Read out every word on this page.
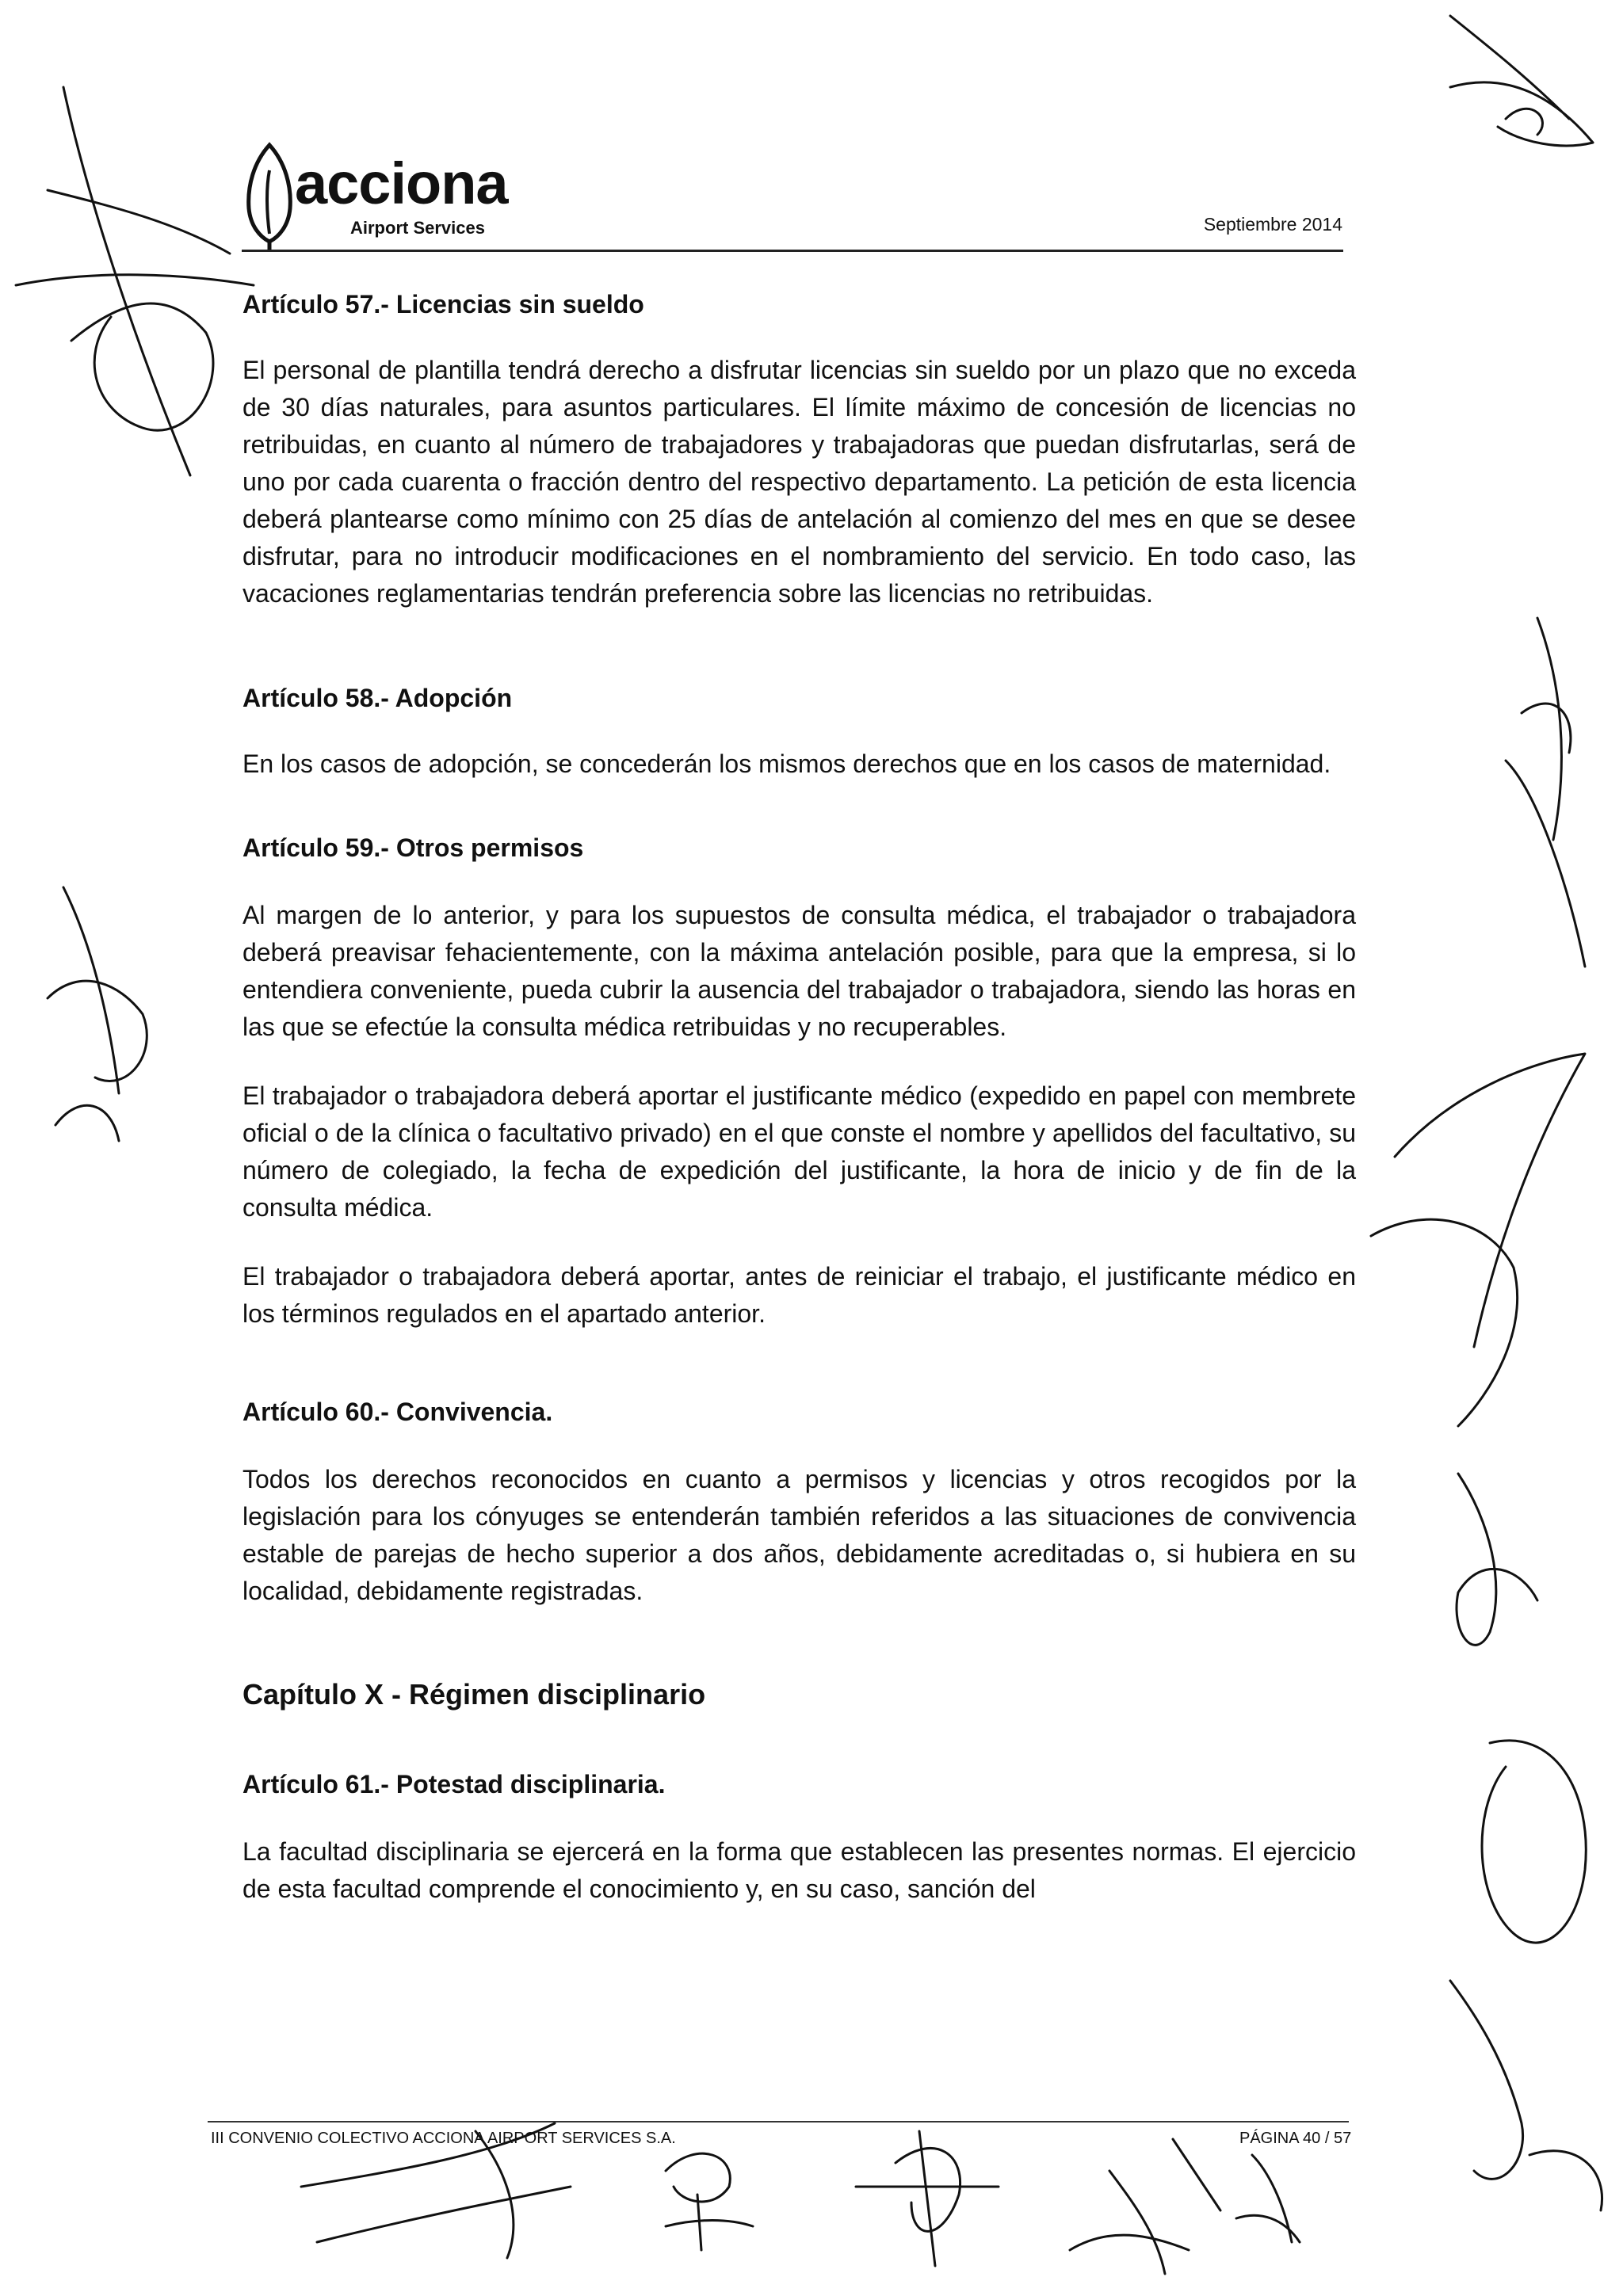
acciona
Airport Services	Septiembre 2014
Artículo 57.- Licencias sin sueldo

El personal de plantilla tendrá derecho a disfrutar licencias sin sueldo por un plazo que no exceda de 30 días naturales, para asuntos particulares. El límite máximo de concesión de licencias no retribuidas, en cuanto al número de trabajadores y trabajadoras que puedan disfrutarlas, será de uno por cada cuarenta o fracción dentro del respectivo departamento. La petición de esta licencia deberá plantearse como mínimo con 25 días de antelación al comienzo del mes en que se desee disfrutar, para no introducir modificaciones en el nombramiento del servicio. En todo caso, las vacaciones reglamentarias tendrán preferencia sobre las licencias no retribuidas.

Artículo 58.- Adopción

En los casos de adopción, se concederán los mismos derechos que en los casos de maternidad.

Artículo 59.- Otros permisos

Al margen de lo anterior, y para los supuestos de consulta médica, el trabajador o trabajadora deberá preavisar fehacientemente, con la máxima antelación posible, para que la empresa, si lo entendiera conveniente, pueda cubrir la ausencia del trabajador o trabajadora, siendo las horas en las que se efectúe la consulta médica retribuidas y no recuperables.

El trabajador o trabajadora deberá aportar el justificante médico (expedido en papel con membrete oficial o de la clínica o facultativo privado) en el que conste el nombre y apellidos del facultativo, su número de colegiado, la fecha de expedición del justificante, la hora de inicio y de fin de la consulta médica.

El trabajador o trabajadora deberá aportar, antes de reiniciar el trabajo, el justificante médico en los términos regulados en el apartado anterior.

Artículo 60.- Convivencia.

Todos los derechos reconocidos en cuanto a permisos y licencias y otros recogidos por la legislación para los cónyuges se entenderán también referidos a las situaciones de convivencia estable de parejas de hecho superior a dos años, debidamente acreditadas o, si hubiera en su localidad, debidamente registradas.

Capítulo X - Régimen disciplinario
Artículo 61.- Potestad disciplinaria.

La facultad disciplinaria se ejercerá en la forma que establecen las presentes normas. El ejercicio de esta facultad comprende el conocimiento y, en su caso, sanción del

III CONVENIO COLECTIVO ACCIONA AIRPORT SERVICES S.A.	PÁGINA 40 / 57
